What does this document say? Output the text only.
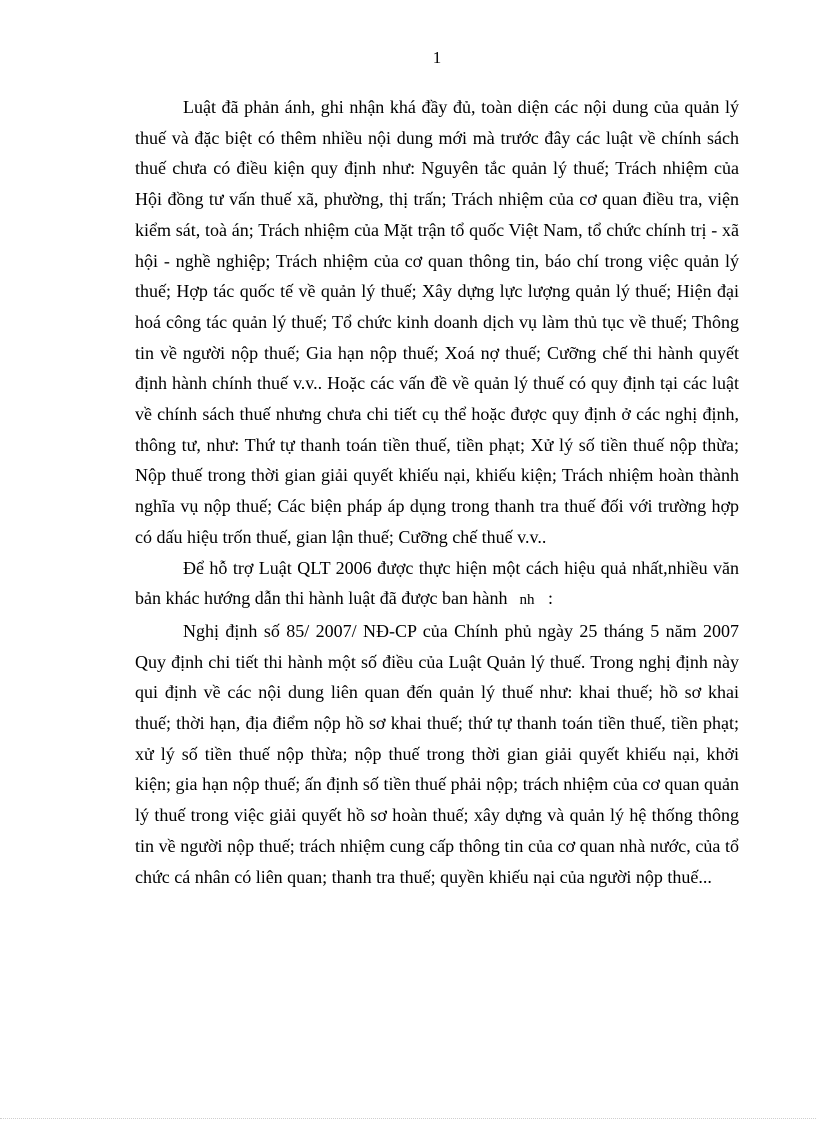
1

Luật đã phản ánh, ghi nhận khá đầy đủ, toàn diện các nội dung của quản lý thuế và đặc biệt có thêm nhiều nội dung mới mà trước đây các luật về chính sách thuế chưa có điều kiện quy định như: Nguyên tắc quản lý thuế; Trách nhiệm của Hội đồng tư vấn thuế xã, phường, thị trấn; Trách nhiệm của cơ quan điều tra, viện kiểm sát, toà án; Trách nhiệm của Mặt trận tổ quốc Việt Nam, tổ chức chính trị - xã hội - nghề nghiệp; Trách nhiệm của cơ quan thông tin, báo chí trong việc quản lý thuế; Hợp tác quốc tế về quản lý thuế; Xây dựng lực lượng quản lý thuế; Hiện đại hoá công tác quản lý thuế; Tổ chức kinh doanh dịch vụ làm thủ tục về thuế; Thông tin về người nộp thuế; Gia hạn nộp thuế; Xoá nợ thuế; Cưỡng chế thi hành quyết định hành chính thuế v.v.. Hoặc các vấn đề về quản lý thuế có quy định tại các luật về chính sách thuế nhưng chưa chi tiết cụ thể hoặc được quy định ở các nghị định, thông tư, như: Thứ tự thanh toán tiền thuế, tiền phạt; Xử lý số tiền thuế nộp thừa; Nộp thuế trong thời gian giải quyết khiếu nại, khiếu kiện; Trách nhiệm hoàn thành nghĩa vụ nộp thuế; Các biện pháp áp dụng trong thanh tra thuế đối với trường hợp có dấu hiệu trốn thuế, gian lận thuế; Cưỡng chế thuế v.v..

Để hỗ trợ Luật QLT 2006 được thực hiện một cách hiệu quả nhất,nhiều văn bản khác hướng dẫn thi hành luật đã được ban hành nh :

Nghị định số 85/ 2007/ NĐ-CP của Chính phủ ngày 25 tháng 5 năm 2007 Quy định chi tiết thi hành một số điều của Luật Quản lý thuế. Trong nghị định này qui định về các nội dung liên quan đến quản lý thuế như: khai thuế; hồ sơ khai thuế; thời hạn, địa điểm nộp hồ sơ khai thuế; thứ tự thanh toán tiền thuế, tiền phạt; xử lý số tiền thuế nộp thừa; nộp thuế trong thời gian giải quyết khiếu nại, khởi kiện; gia hạn nộp thuế; ấn định số tiền thuế phải nộp; trách nhiệm của cơ quan quản lý thuế trong việc giải quyết hồ sơ hoàn thuế; xây dựng và quản lý hệ thống thông tin về người nộp thuế; trách nhiệm cung cấp thông tin của cơ quan nhà nước, của tổ chức cá nhân có liên quan; thanh tra thuế; quyền khiếu nại của người nộp thuế...
